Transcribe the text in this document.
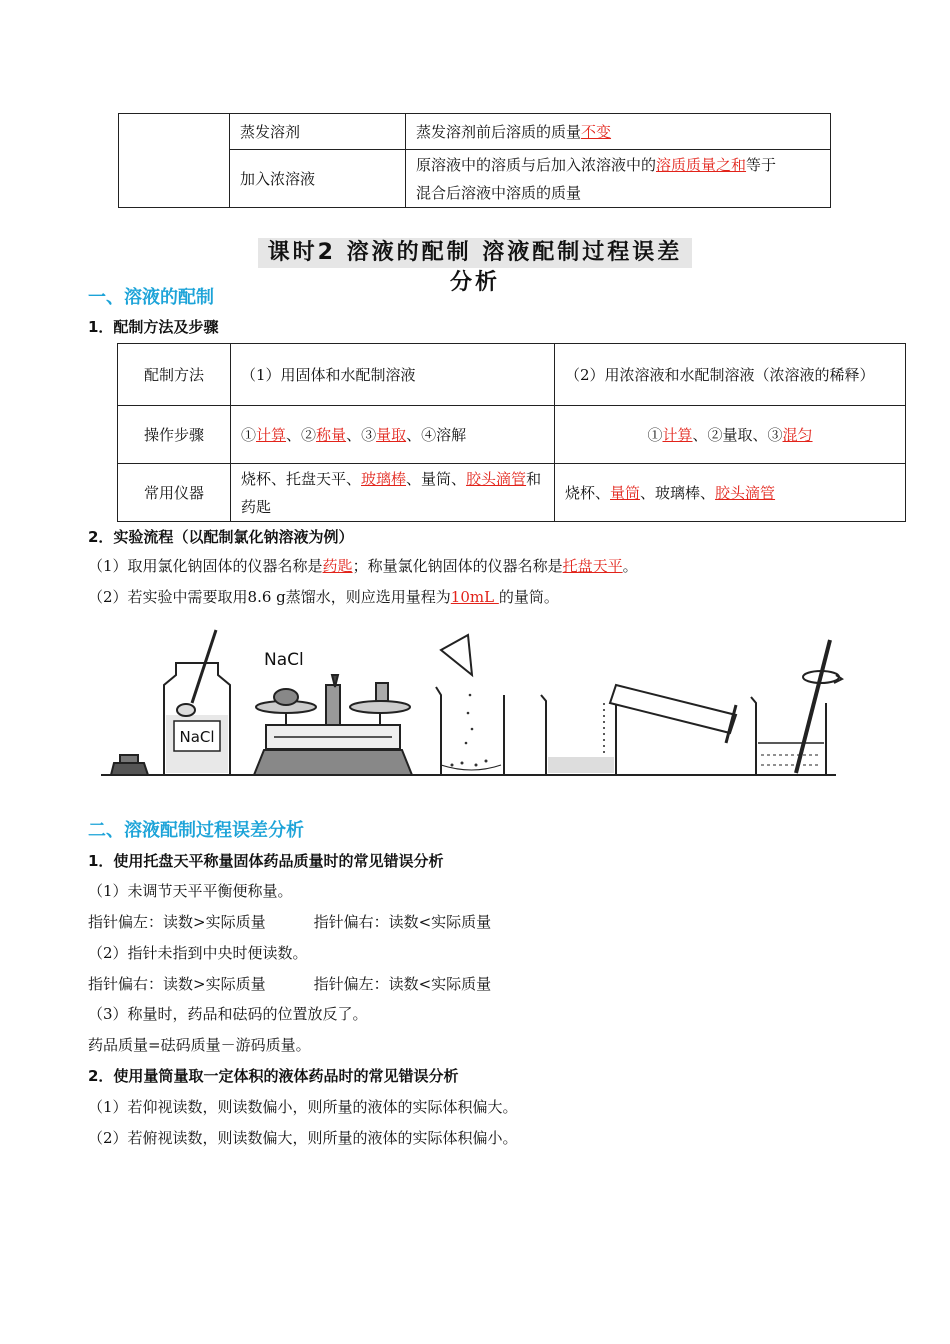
	蒸发溶剂	蒸发溶剂前后溶质的质量不变
	加入浓溶液	原溶液中的溶质与后加入浓溶液中的溶质质量之和等于
混合后溶液中溶质的质量
课时2 溶液的配制 溶液配制过程误差分析
一、溶液的配制
1．配制方法及步骤
配制方法	（1）用固体和水配制溶液	（2）用浓溶液和水配制溶液（浓溶液的稀释）
操作步骤	①计算、②称量、③量取、④溶解	①计算、②量取、③混匀
常用仪器	烧杯、托盘天平、玻璃棒、量筒、胶头滴管和药匙	烧杯、量筒、玻璃棒、胶头滴管
2．实验流程（以配制氯化钠溶液为例）
（1）取用氯化钠固体的仪器名称是药匙；称量氯化钠固体的仪器名称是托盘天平。
（2）若实验中需要取用8.6 g蒸馏水，则应选用量程为10mL 的量筒。
NaCl
NaCl
二、溶液配制过程误差分析
1．使用托盘天平称量固体药品质量时的常见错误分析
（1）未调节天平平衡便称量。
指针偏左：读数>实际质量	指针偏右：读数<实际质量
（2）指针未指到中央时便读数。
指针偏右：读数>实际质量	指针偏左：读数<实际质量
（3）称量时，药品和砝码的位置放反了。
药品质量=砝码质量－游码质量。
2．使用量筒量取一定体积的液体药品时的常见错误分析
（1）若仰视读数，则读数偏小，则所量的液体的实际体积偏大。
（2）若俯视读数，则读数偏大，则所量的液体的实际体积偏小。
